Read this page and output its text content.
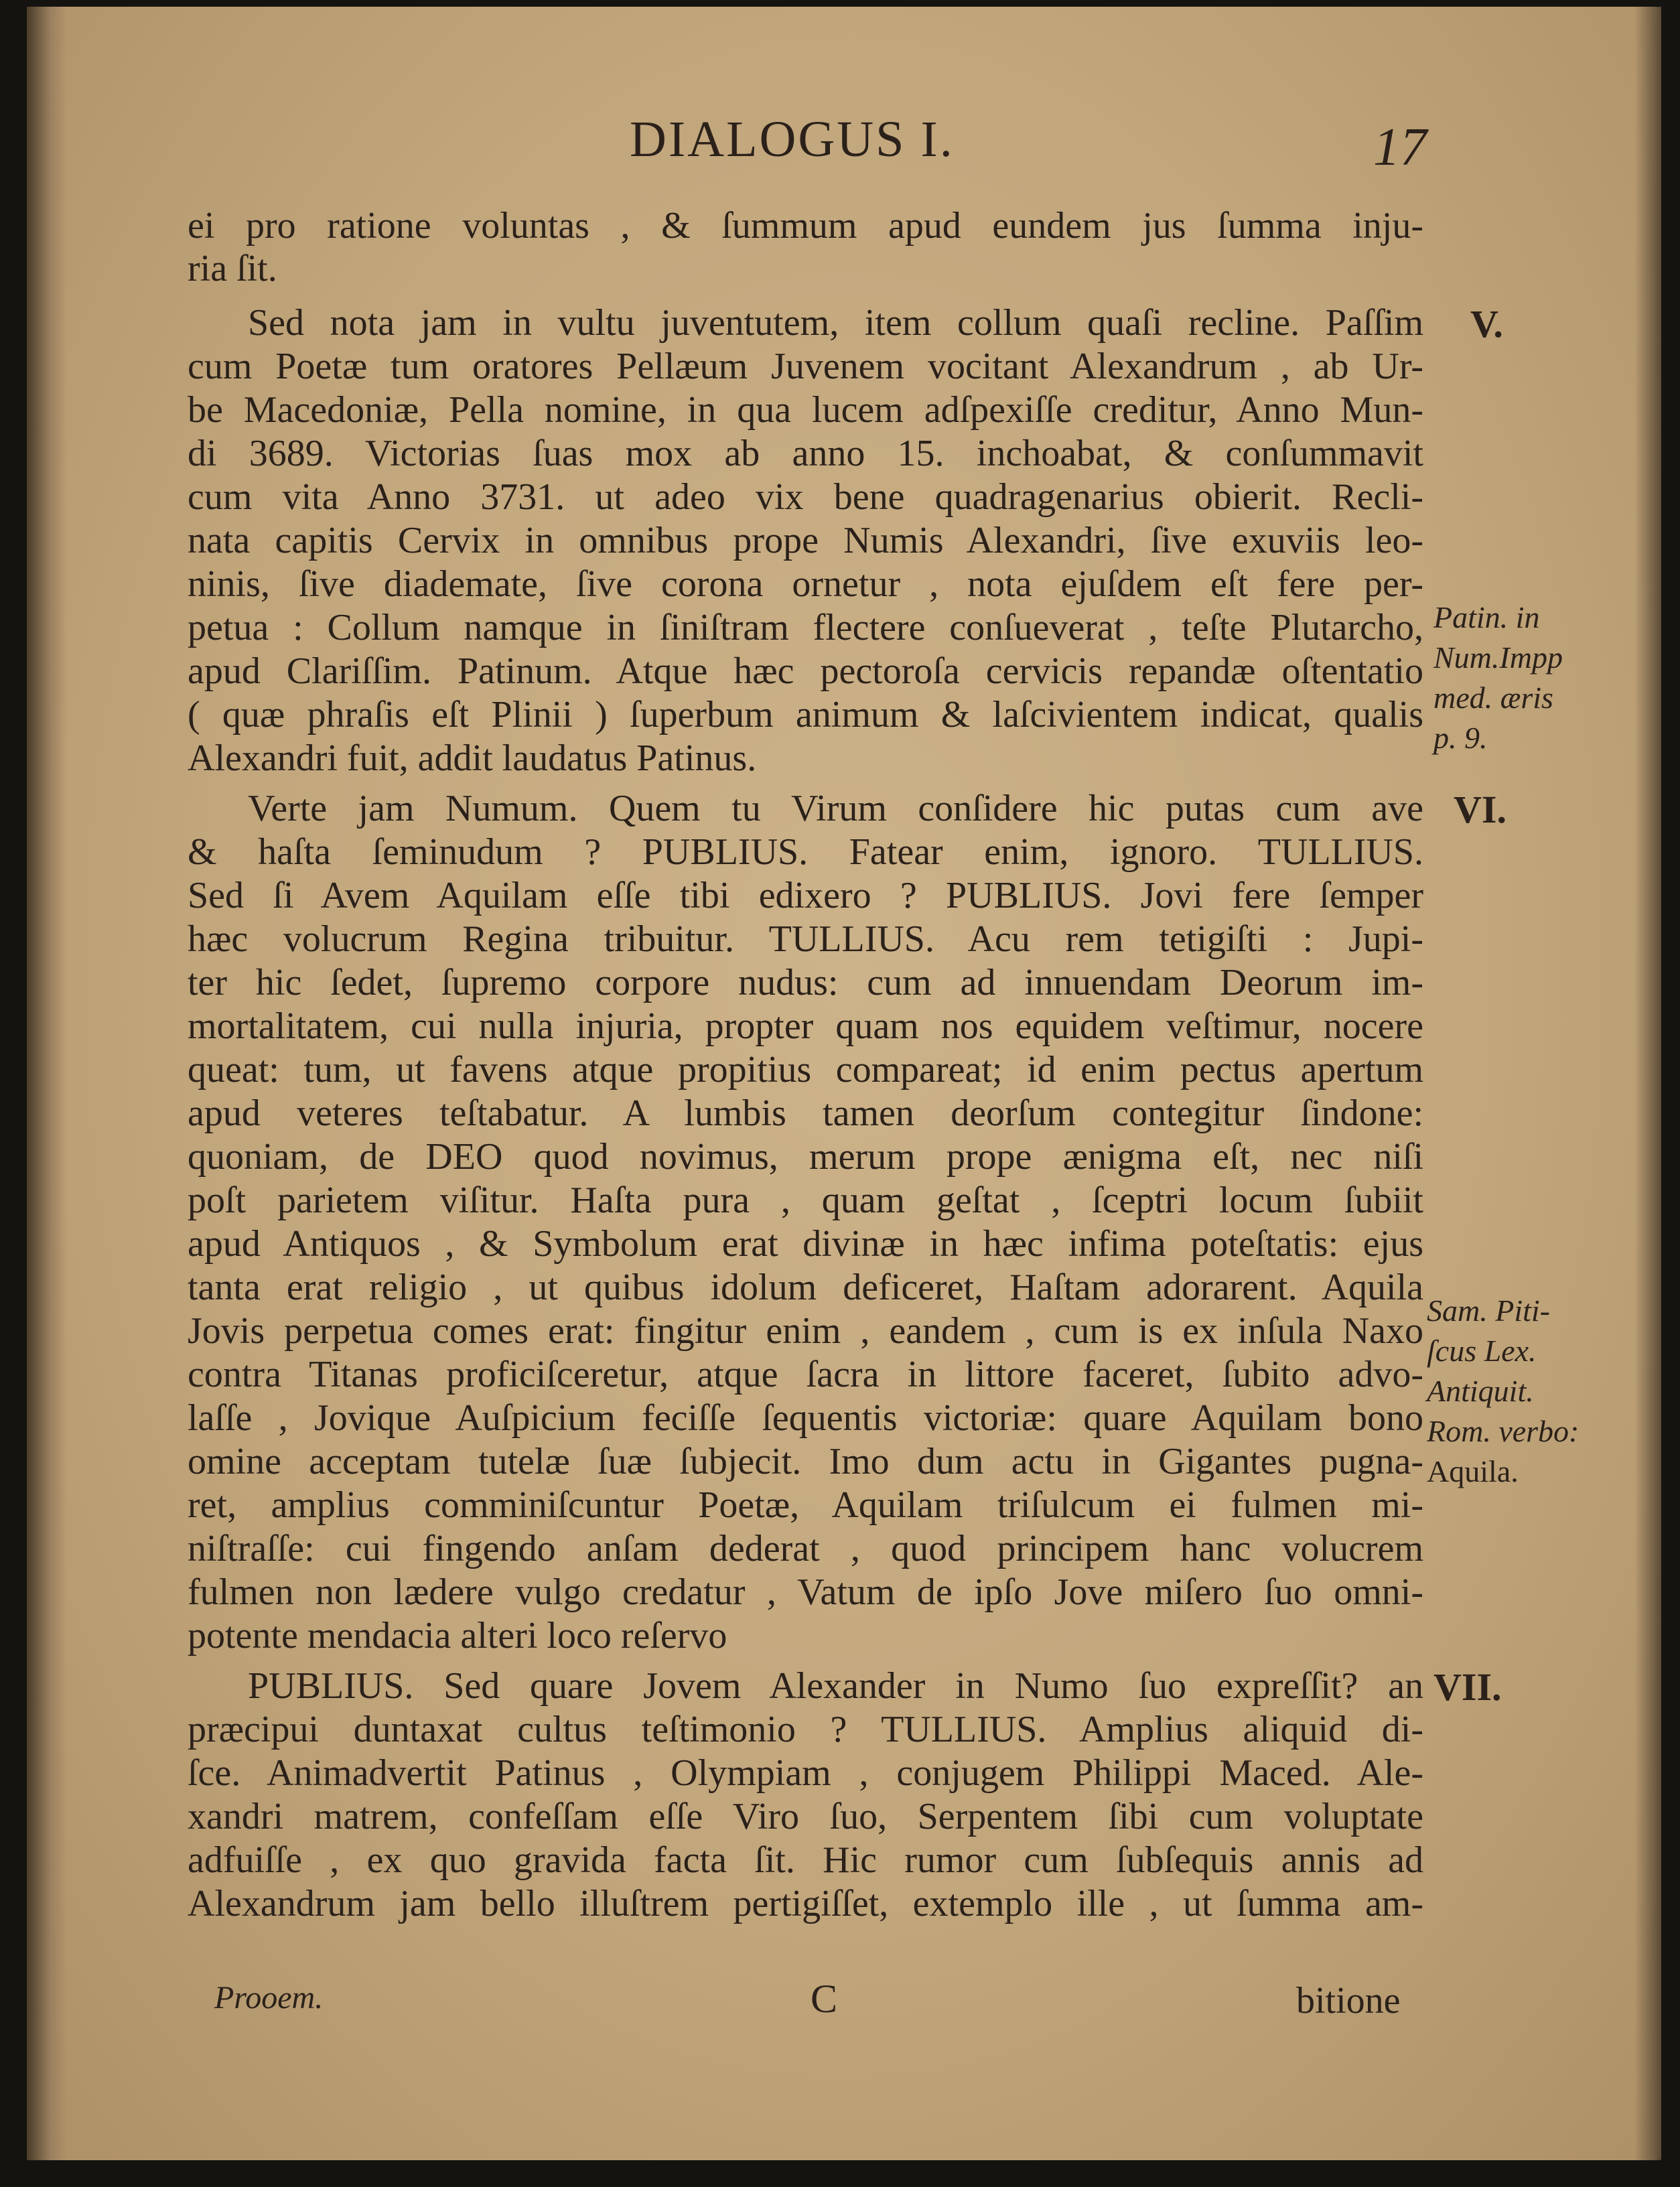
DIALOGUS I.	17
ei pro ratione voluntas , & ſummum apud eundem jus ſumma inju-
ria ſit.
Sed nota jam in vultu juventutem, item collum quaſi recline. Paſſim
cum Poetæ tum oratores Pellæum Juvenem vocitant Alexandrum , ab Ur-
be Macedoniæ, Pella nomine, in qua lucem adſpexiſſe creditur, Anno Mun-
di 3689. Victorias ſuas mox ab anno 15. inchoabat, & conſummavit
cum vita Anno 3731. ut adeo vix bene quadragenarius obierit. Recli-
nata capitis Cervix in omnibus prope Numis Alexandri, ſive exuviis leo-
ninis, ſive diademate, ſive corona ornetur , nota ejuſdem eſt fere per-
petua : Collum namque in ſiniſtram flectere conſueverat , teſte Plutarcho,
apud Clariſſim. Patinum. Atque hæc pectoroſa cervicis repandæ oſtentatio
( quæ phraſis eſt Plinii ) ſuperbum animum & laſcivientem indicat, qualis
Alexandri fuit, addit laudatus Patinus.
Verte jam Numum. Quem tu Virum conſidere hic putas cum ave
& haſta ſeminudum ? PUBLIUS. Fatear enim, ignoro. TULLIUS.
Sed ſi Avem Aquilam eſſe tibi edixero ? PUBLIUS. Jovi fere ſemper
hæc volucrum Regina tribuitur. TULLIUS. Acu rem tetigiſti : Jupi-
ter hic ſedet, ſupremo corpore nudus: cum ad innuendam Deorum im-
mortalitatem, cui nulla injuria, propter quam nos equidem veſtimur, nocere
queat: tum, ut favens atque propitius compareat; id enim pectus apertum
apud veteres teſtabatur. A lumbis tamen deorſum contegitur ſindone:
quoniam, de DEO quod novimus, merum prope ænigma eſt, nec niſi
poſt parietem viſitur. Haſta pura , quam geſtat , ſceptri locum ſubiit
apud Antiquos , & Symbolum erat divinæ in hæc infima poteſtatis: ejus
tanta erat religio , ut quibus idolum deficeret, Haſtam adorarent. Aquila
Jovis perpetua comes erat: fingitur enim , eandem , cum is ex inſula Naxo
contra Titanas proficiſceretur, atque ſacra in littore faceret, ſubito advo-
laſſe , Jovique Auſpicium feciſſe ſequentis victoriæ: quare Aquilam bono
omine acceptam tutelæ ſuæ ſubjecit. Imo dum actu in Gigantes pugna-
ret, amplius comminiſcuntur Poetæ, Aquilam triſulcum ei fulmen mi-
niſtraſſe: cui fingendo anſam dederat , quod principem hanc volucrem
fulmen non lædere vulgo credatur , Vatum de ipſo Jove miſero ſuo omni-
potente mendacia alteri loco reſervo
PUBLIUS. Sed quare Jovem Alexander in Numo ſuo expreſſit? an
præcipui duntaxat cultus teſtimonio ? TULLIUS. Amplius aliquid di-
ſce. Animadvertit Patinus , Olympiam , conjugem Philippi Maced. Ale-
xandri matrem, confeſſam eſſe Viro ſuo, Serpentem ſibi cum voluptate
adfuiſſe , ex quo gravida facta ſit. Hic rumor cum ſubſequis annis ad
Alexandrum jam bello illuſtrem pertigiſſet, extemplo ille , ut ſumma am-
V.
VI.
VII.
Patin. in
Num.Impp
med. æris
p. 9.
Sam. Piti-
ſcus Lex.
Antiquit.
Rom. verbo:
Aquila.
Prooem.	C	bitione
